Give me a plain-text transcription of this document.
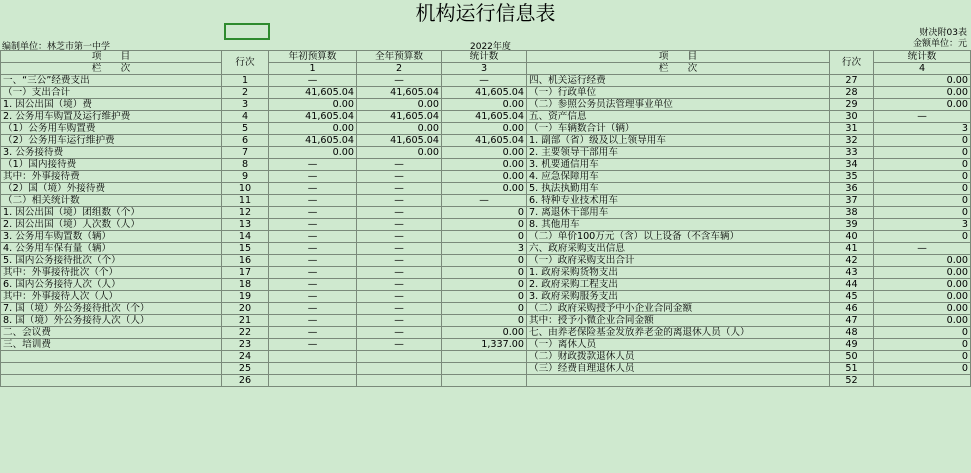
机构运行信息表
财决附03表
金额单位：元
编制单位：林芝市第一中学	2022年度
项　　目	行次	年初预算数	全年预算数	统计数	项　　目	行次	统计数
栏　　次		1	2	3	栏　　次		4
一、“三公”经费支出	1	—	—	—	四、机关运行经费	27	0.00
（一）支出合计	2	41,605.04	41,605.04	41,605.04	（一）行政单位	28	0.00
1. 因公出国（境）费	3	0.00	0.00	0.00	（二）参照公务员法管理事业单位	29	0.00
2. 公务用车购置及运行维护费	4	41,605.04	41,605.04	41,605.04	五、资产信息	30	—
（1）公务用车购置费	5	0.00	0.00	0.00	（一）车辆数合计（辆）	31	3
（2）公务用车运行维护费	6	41,605.04	41,605.04	41,605.04	1. 副部（省）级及以上领导用车	32	0
3. 公务接待费	7	0.00	0.00	0.00	2. 主要领导干部用车	33	0
（1）国内接待费	8	—	—	0.00	3. 机要通信用车	34	0
其中：外事接待费	9	—	—	0.00	4. 应急保障用车	35	0
（2）国（境）外接待费	10	—	—	0.00	5. 执法执勤用车	36	0
（二）相关统计数	11	—	—	—	6. 特种专业技术用车	37	0
1. 因公出国（境）团组数（个）	12	—	—	0	7. 离退休干部用车	38	0
2. 因公出国（境）人次数（人）	13	—	—	0	8. 其他用车	39	3
3. 公务用车购置数（辆）	14	—	—	0	（二）单价100万元（含）以上设备（不含车辆）	40	0
4. 公务用车保有量（辆）	15	—	—	3	六、政府采购支出信息	41	—
5. 国内公务接待批次（个）	16	—	—	0	（一）政府采购支出合计	42	0.00
其中：外事接待批次（个）	17	—	—	0	1. 政府采购货物支出	43	0.00
6. 国内公务接待人次（人）	18	—	—	0	2. 政府采购工程支出	44	0.00
其中：外事接待人次（人）	19	—	—	0	3. 政府采购服务支出	45	0.00
7. 国（境）外公务接待批次（个）	20	—	—	0	（二）政府采购授予中小企业合同金额	46	0.00
8. 国（境）外公务接待人次（人）	21	—	—	0	其中：授予小微企业合同金额	47	0.00
二、会议费	22	—	—	0.00	七、由养老保险基金发放养老金的离退休人员（人）	48	0
三、培训费	23	—	—	1,337.00	（一）离休人员	49	0
	24				（二）财政拨款退休人员	50	0
	25				（三）经费自理退休人员	51	0
	26					52	
